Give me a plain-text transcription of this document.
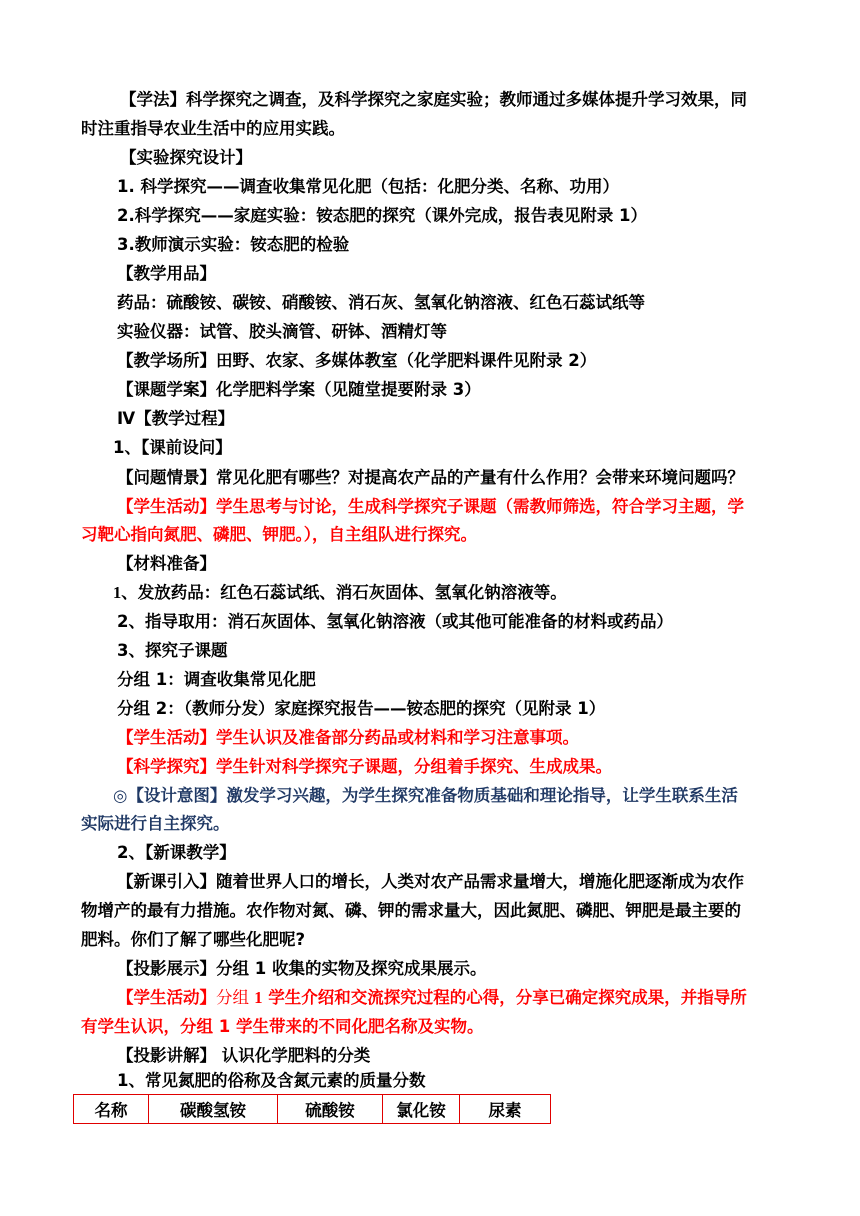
【学法】科学探究之调查，及科学探究之家庭实验；教师通过多媒体提升学习效果，同
时注重指导农业生活中的应用实践。
【实验探究设计】
1. 科学探究——调查收集常见化肥（包括：化肥分类、名称、功用）
2.科学探究——家庭实验：铵态肥的探究（课外完成，报告表见附录 1）
3.教师演示实验：铵态肥的检验
【教学用品】
药品：硫酸铵、碳铵、硝酸铵、消石灰、氢氧化钠溶液、红色石蕊试纸等
实验仪器：试管、胶头滴管、研钵、酒精灯等
【教学场所】田野、农家、多媒体教室（化学肥料课件见附录 2）
【课题学案】化学肥料学案（见随堂提要附录 3）
Ⅳ【教学过程】
1、【课前设问】
【问题情景】常见化肥有哪些？对提高农产品的产量有什么作用？会带来环境问题吗？
【学生活动】学生思考与讨论，生成科学探究子课题（需教师筛选，符合学习主题，学
习靶心指向氮肥、磷肥、钾肥。），自主组队进行探究。
【材料准备】
1、发放药品：红色石蕊试纸、消石灰固体、氢氧化钠溶液等。
2、指导取用：消石灰固体、氢氧化钠溶液（或其他可能准备的材料或药品）
3、探究子课题
分组 1：调查收集常见化肥
分组 2：（教师分发）家庭探究报告——铵态肥的探究（见附录 1）
【学生活动】学生认识及准备部分药品或材料和学习注意事项。
【科学探究】学生针对科学探究子课题，分组着手探究、生成成果。
◎【设计意图】激发学习兴趣，为学生探究准备物质基础和理论指导，让学生联系生活
实际进行自主探究。
2、【新课教学】
【新课引入】随着世界人口的增长，人类对农产品需求量增大，增施化肥逐渐成为农作
物增产的最有力措施。农作物对氮、磷、钾的需求量大，因此氮肥、磷肥、钾肥是最主要的
肥料。你们了解了哪些化肥呢?
【投影展示】分组 1 收集的实物及探究成果展示。
【学生活动】分组 1 学生介绍和交流探究过程的心得，分享已确定探究成果，并指导所
有学生认识，分组 1 学生带来的不同化肥名称及实物。
【投影讲解】 认识化学肥料的分类
1、常见氮肥的俗称及含氮元素的质量分数
名称	碳酸氢铵	硫酸铵	氯化铵	尿素
